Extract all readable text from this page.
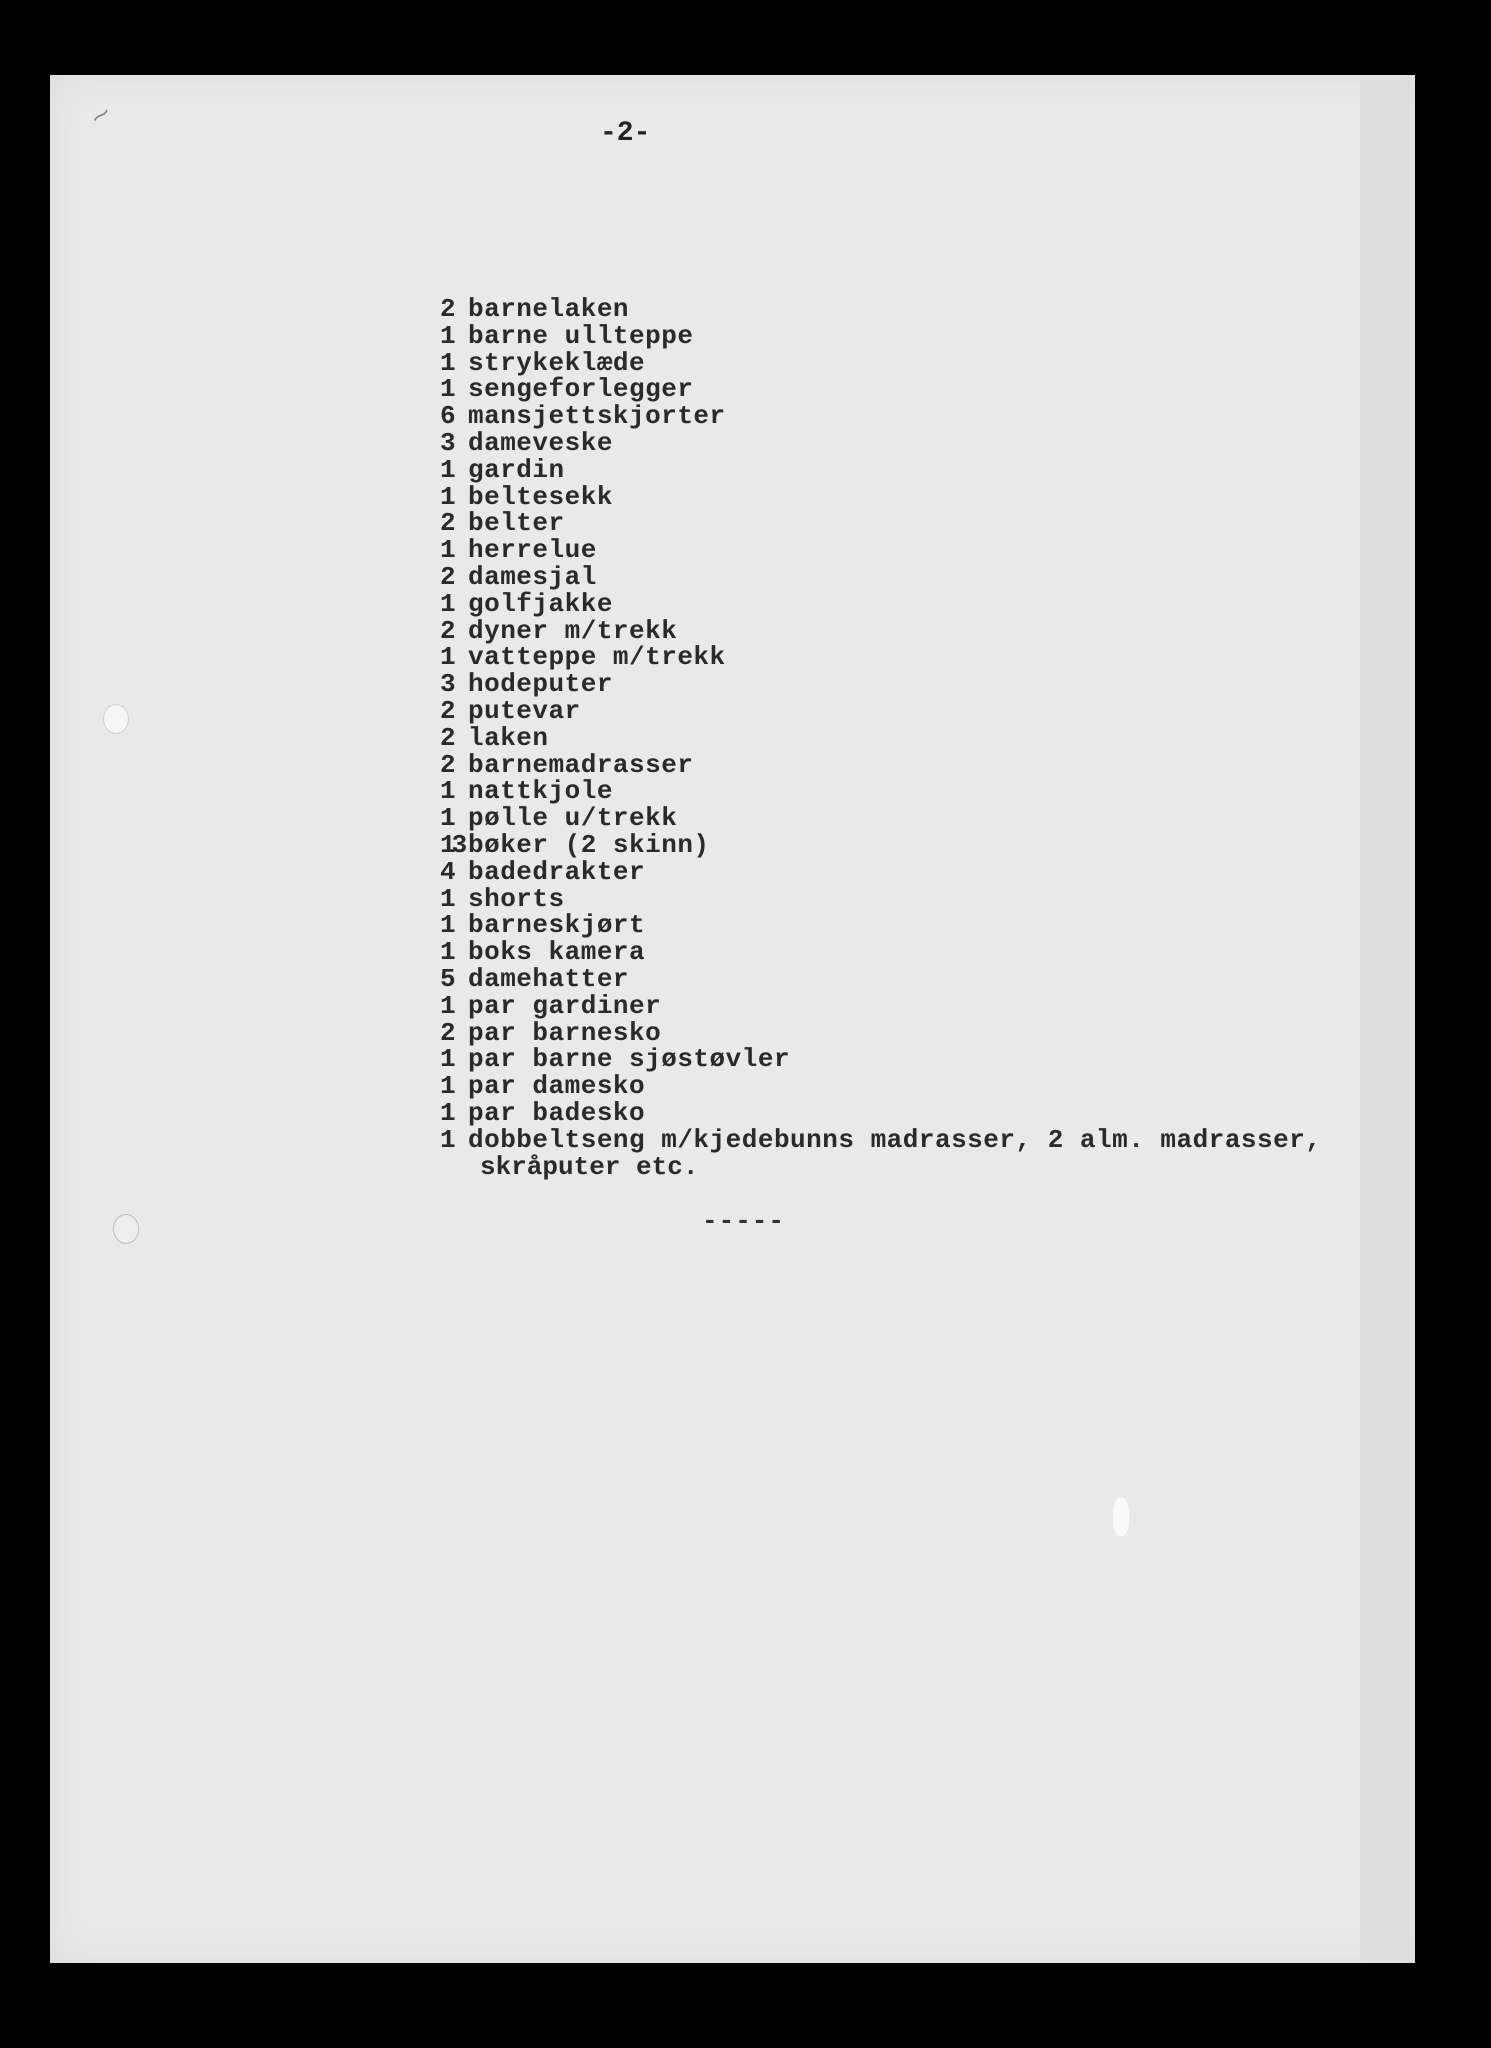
⁓
-2-
2 barnelaken
1 barne ullteppe
1 strykeklæde
1 sengeforlegger
6 mansjettskjorter
3 dameveske
1 gardin
1 beltesekk
2 belter
1 herrelue
2 damesjal
1 golfjakke
2 dyner m/trekk
1 vatteppe m/trekk
3 hodeputer
2 putevar
2 laken
2 barnemadrasser
1 nattkjole
1 pølle u/trekk
13 bøker (2 skinn)
4 badedrakter
1 shorts
1 barneskjørt
1 boks kamera
5 damehatter
1 par gardiner
2 par barnesko
1 par barne sjøstøvler
1 par damesko
1 par badesko
1 dobbeltseng m/kjedebunns madrasser, 2 alm. madrasser,
skråputer etc.
-----
